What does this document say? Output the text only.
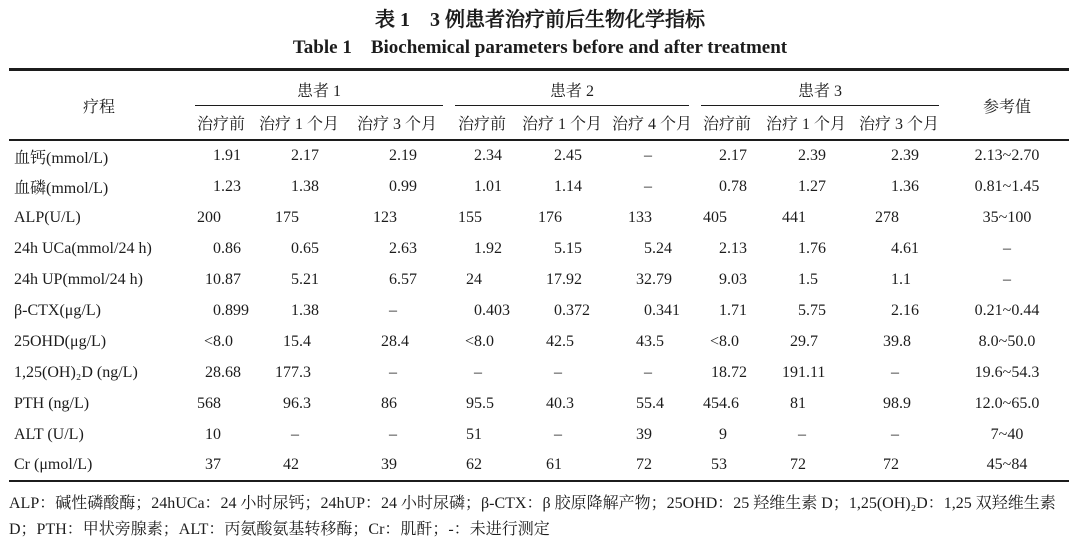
表 1　3 例患者治疗前后生物化学指标
Table 1　Biochemical parameters before and after treatment
疗程	患者 1			患者 2			患者 3			参考值
	治疗前	治疗 1 个月	治疗 3 个月	治疗前	治疗 1 个月	治疗 4 个月	治疗前	治疗 1 个月	治疗 3 个月	
血钙(mmol/L)	1.91	2.17	2.19	2.34	2.45	–	2.17	2.39	2.39	2.13~2.70
血磷(mmol/L)	1.23	1.38	0.99	1.01	1.14	–	0.78	1.27	1.36	0.81~1.45
ALP(U/L)	200	175	123	155	176	133	405	441	278	35~100
24h UCa(mmol/24 h)	0.86	0.65	2.63	1.92	5.15	5.24	2.13	1.76	4.61	–
24h UP(mmol/24 h)	10.87	5.21	6.57	24	17.92	32.79	9.03	1.5	1.1	–
β-CTX(μg/L)	0.899	1.38	–	0.403	0.372	0.341	1.71	5.75	2.16	0.21~0.44
25OHD(μg/L)	<8.0	15.4	28.4	<8.0	42.5	43.5	<8.0	29.7	39.8	8.0~50.0
1,25(OH)₂D (ng/L)	28.68	177.3	–	–	–	–	18.72	191.11	–	19.6~54.3
PTH (ng/L)	568	96.3	86	95.5	40.3	55.4	454.6	81	98.9	12.0~65.0
ALT (U/L)	10	–	–	51	–	39	9	–	–	7~40
Cr (μmol/L)	37	42	39	62	61	72	53	72	72	45~84
ALP：碱性磷酸酶；24hUCa：24 小时尿钙；24hUP：24 小时尿磷；β-CTX：β 胶原降解产物；25OHD：25 羟维生素 D；1,25(OH)₂D：1,25 双羟维生素 D；PTH：甲状旁腺素；ALT：丙氨酸氨基转移酶；Cr：肌酐；-：未进行测定
